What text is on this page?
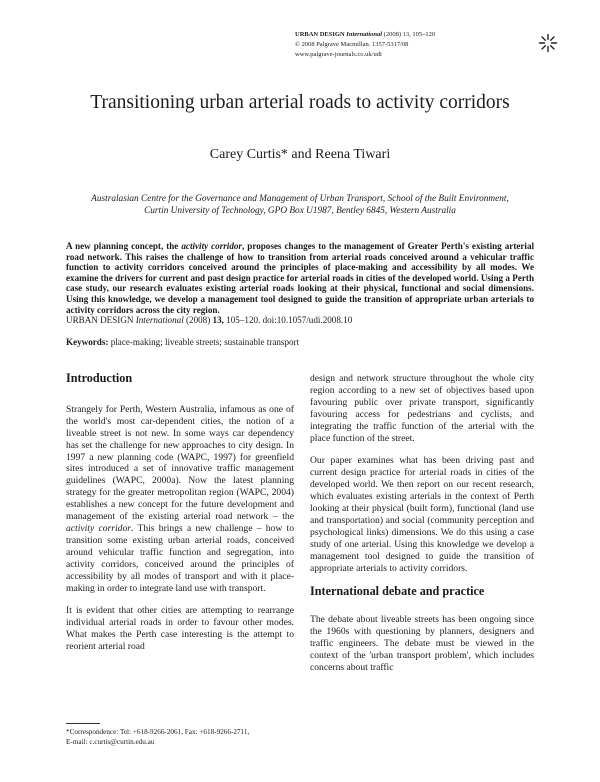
URBAN DESIGN International (2008) 13, 105–120
© 2008 Palgrave Macmillan. 1357-5317/08
www.palgrave-journals.co.uk/udi
Transitioning urban arterial roads to activity corridors
Carey Curtis* and Reena Tiwari
Australasian Centre for the Governance and Management of Urban Transport, School of the Built Environment,
Curtin University of Technology, GPO Box U1987, Bentley 6845, Western Australia
A new planning concept, the activity corridor, proposes changes to the management of Greater Perth's existing arterial road network. This raises the challenge of how to transition from arterial roads conceived around a vehicular traffic function to activity corridors conceived around the principles of place-making and accessibility by all modes. We examine the drivers for current and past design practice for arterial roads in cities of the developed world. Using a Perth case study, our research evaluates existing arterial roads looking at their physical, functional and social dimensions. Using this knowledge, we develop a management tool designed to guide the transition of appropriate urban arterials to activity corridors across the city region.
URBAN DESIGN International (2008) 13, 105–120. doi:10.1057/udi.2008.10
Keywords: place-making; liveable streets; sustainable transport
Introduction

Strangely for Perth, Western Australia, infamous as one of the world's most car-dependent cities, the notion of a liveable street is not new. In some ways car dependency has set the challenge for new approaches to city design. In 1997 a new planning code (WAPC, 1997) for greenfield sites introduced a set of innovative traffic management guidelines (WAPC, 2000a). Now the latest planning strategy for the greater metropolitan region (WAPC, 2004) establishes a new concept for the future development and management of the existing arterial road network – the activity corridor. This brings a new challenge – how to transition some existing urban arterial roads, conceived around vehicular traffic function and segregation, into activity corridors, conceived around the principles of accessibility by all modes of transport and with it place-making in order to integrate land use with transport.

It is evident that other cities are attempting to rearrange individual arterial roads in order to favour other modes. What makes the Perth case interesting is the attempt to reorient arterial road

design and network structure throughout the whole city region according to a new set of objectives based upon favouring public over private transport, significantly favouring access for pedestrians and cyclists, and integrating the traffic function of the arterial with the place function of the street.

Our paper examines what has been driving past and current design practice for arterial roads in cities of the developed world. We then report on our recent research, which evaluates existing arterials in the context of Perth looking at their physical (built form), functional (land use and transportation) and social (community perception and psychological links) dimensions. We do this using a case study of one arterial. Using this knowledge we develop a management tool designed to guide the transition of appropriate arterials to activity corridors.

International debate and practice

The debate about liveable streets has been ongoing since the 1960s with questioning by planners, designers and traffic engineers. The debate must be viewed in the context of the 'urban transport problem', which includes concerns about traffic

*Correspondence: Tel: +618-9266-2061, Fax: +618-9266-2711,
E-mail: c.curtis@curtin.edu.au
